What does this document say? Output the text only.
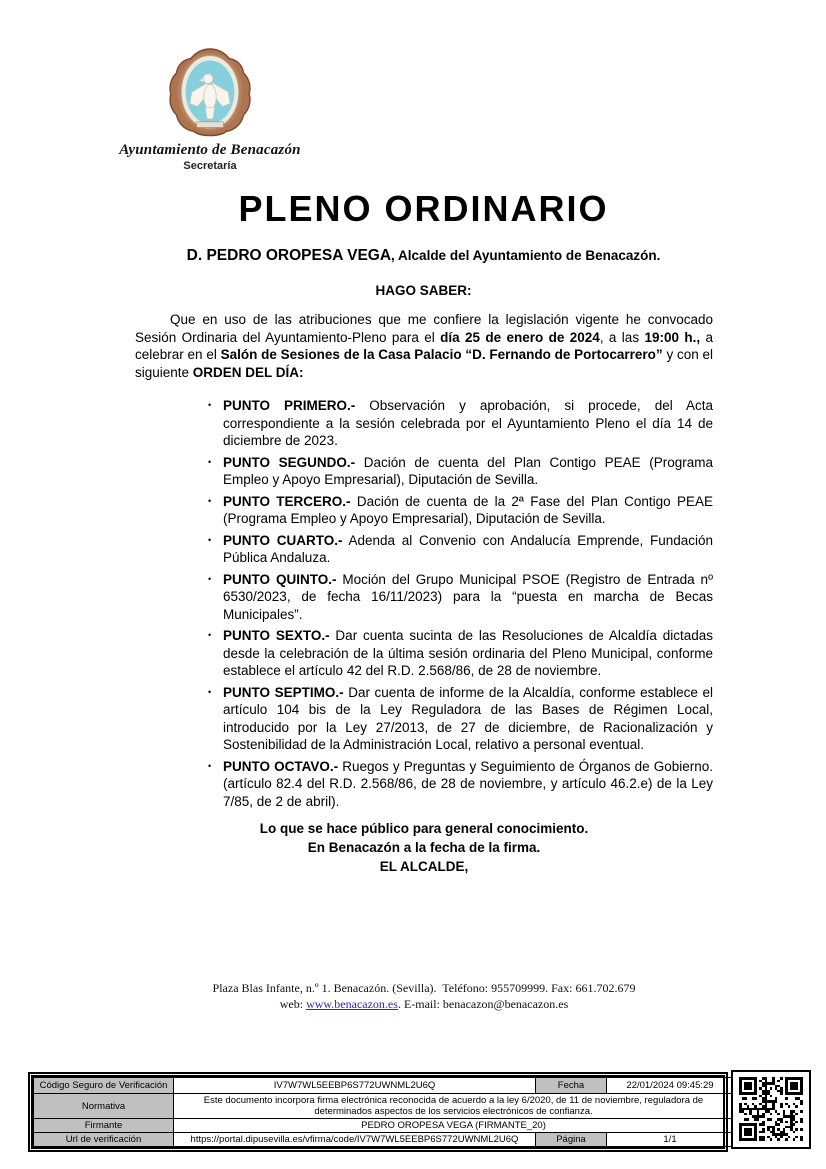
Ayuntamiento de Benacazón
Secretaría
PLENO ORDINARIO
D. PEDRO OROPESA VEGA, Alcalde del Ayuntamiento de Benacazón.
HAGO SABER:

Que en uso de las atribuciones que me confiere la legislación vigente he convocado Sesión Ordinaria del Ayuntamiento-Pleno para el día 25 de enero de 2024, a las 19:00 h., a celebrar en el Salón de Sesiones de la Casa Palacio “D. Fernando de Portocarrero” y con el siguiente ORDEN DEL DÍA:

• PUNTO PRIMERO.- Observación y aprobación, si procede, del Acta correspondiente a la sesión celebrada por el Ayuntamiento Pleno el día 14 de diciembre de 2023.
• PUNTO SEGUNDO.- Dación de cuenta del Plan Contigo PEAE (Programa Empleo y Apoyo Empresarial), Diputación de Sevilla.
• PUNTO TERCERO.- Dación de cuenta de la 2ª Fase del Plan Contigo PEAE (Programa Empleo y Apoyo Empresarial), Diputación de Sevilla.
• PUNTO CUARTO.- Adenda al Convenio con Andalucía Emprende, Fundación Pública Andaluza.
• PUNTO QUINTO.- Moción del Grupo Municipal PSOE (Registro de Entrada nº 6530/2023, de fecha 16/11/2023) para la “puesta en marcha de Becas Municipales”.
• PUNTO SEXTO.- Dar cuenta sucinta de las Resoluciones de Alcaldía dictadas desde la celebración de la última sesión ordinaria del Pleno Municipal, conforme establece el artículo 42 del R.D. 2.568/86, de 28 de noviembre.
• PUNTO SEPTIMO.- Dar cuenta de informe de la Alcaldía, conforme establece el artículo 104 bis de la Ley Reguladora de las Bases de Régimen Local, introducido por la Ley 27/2013, de 27 de diciembre, de Racionalización y Sostenibilidad de la Administración Local, relativo a personal eventual.
• PUNTO OCTAVO.- Ruegos y Preguntas y Seguimiento de Órganos de Gobierno. (artículo 82.4 del R.D. 2.568/86, de 28 de noviembre, y artículo 46.2.e) de la Ley 7/85, de 2 de abril).
Lo que se hace público para general conocimiento.
En Benacazón a la fecha de la firma.
EL ALCALDE,
Plaza Blas Infante, n.º 1. Benacazón. (Sevilla).  Teléfono: 955709999. Fax: 661.702.679
web: www.benacazon.es. E-mail: benacazon@benacazon.es
Código Seguro de Verificación	IV7W7WL5EEBP6S772UWNML2U6Q	Fecha	22/01/2024 09:45:29
Normativa	Este documento incorpora firma electrónica reconocida de acuerdo a la ley 6/2020, de 11 de noviembre, reguladora de determinados aspectos de los servicios electrónicos de confianza.		
Firmante	PEDRO OROPESA VEGA (FIRMANTE_20)		
Url de verificación	https://portal.dipusevilla.es/vfirma/code/IV7W7WL5EEBP6S772UWNML2U6Q	Página	1/1
